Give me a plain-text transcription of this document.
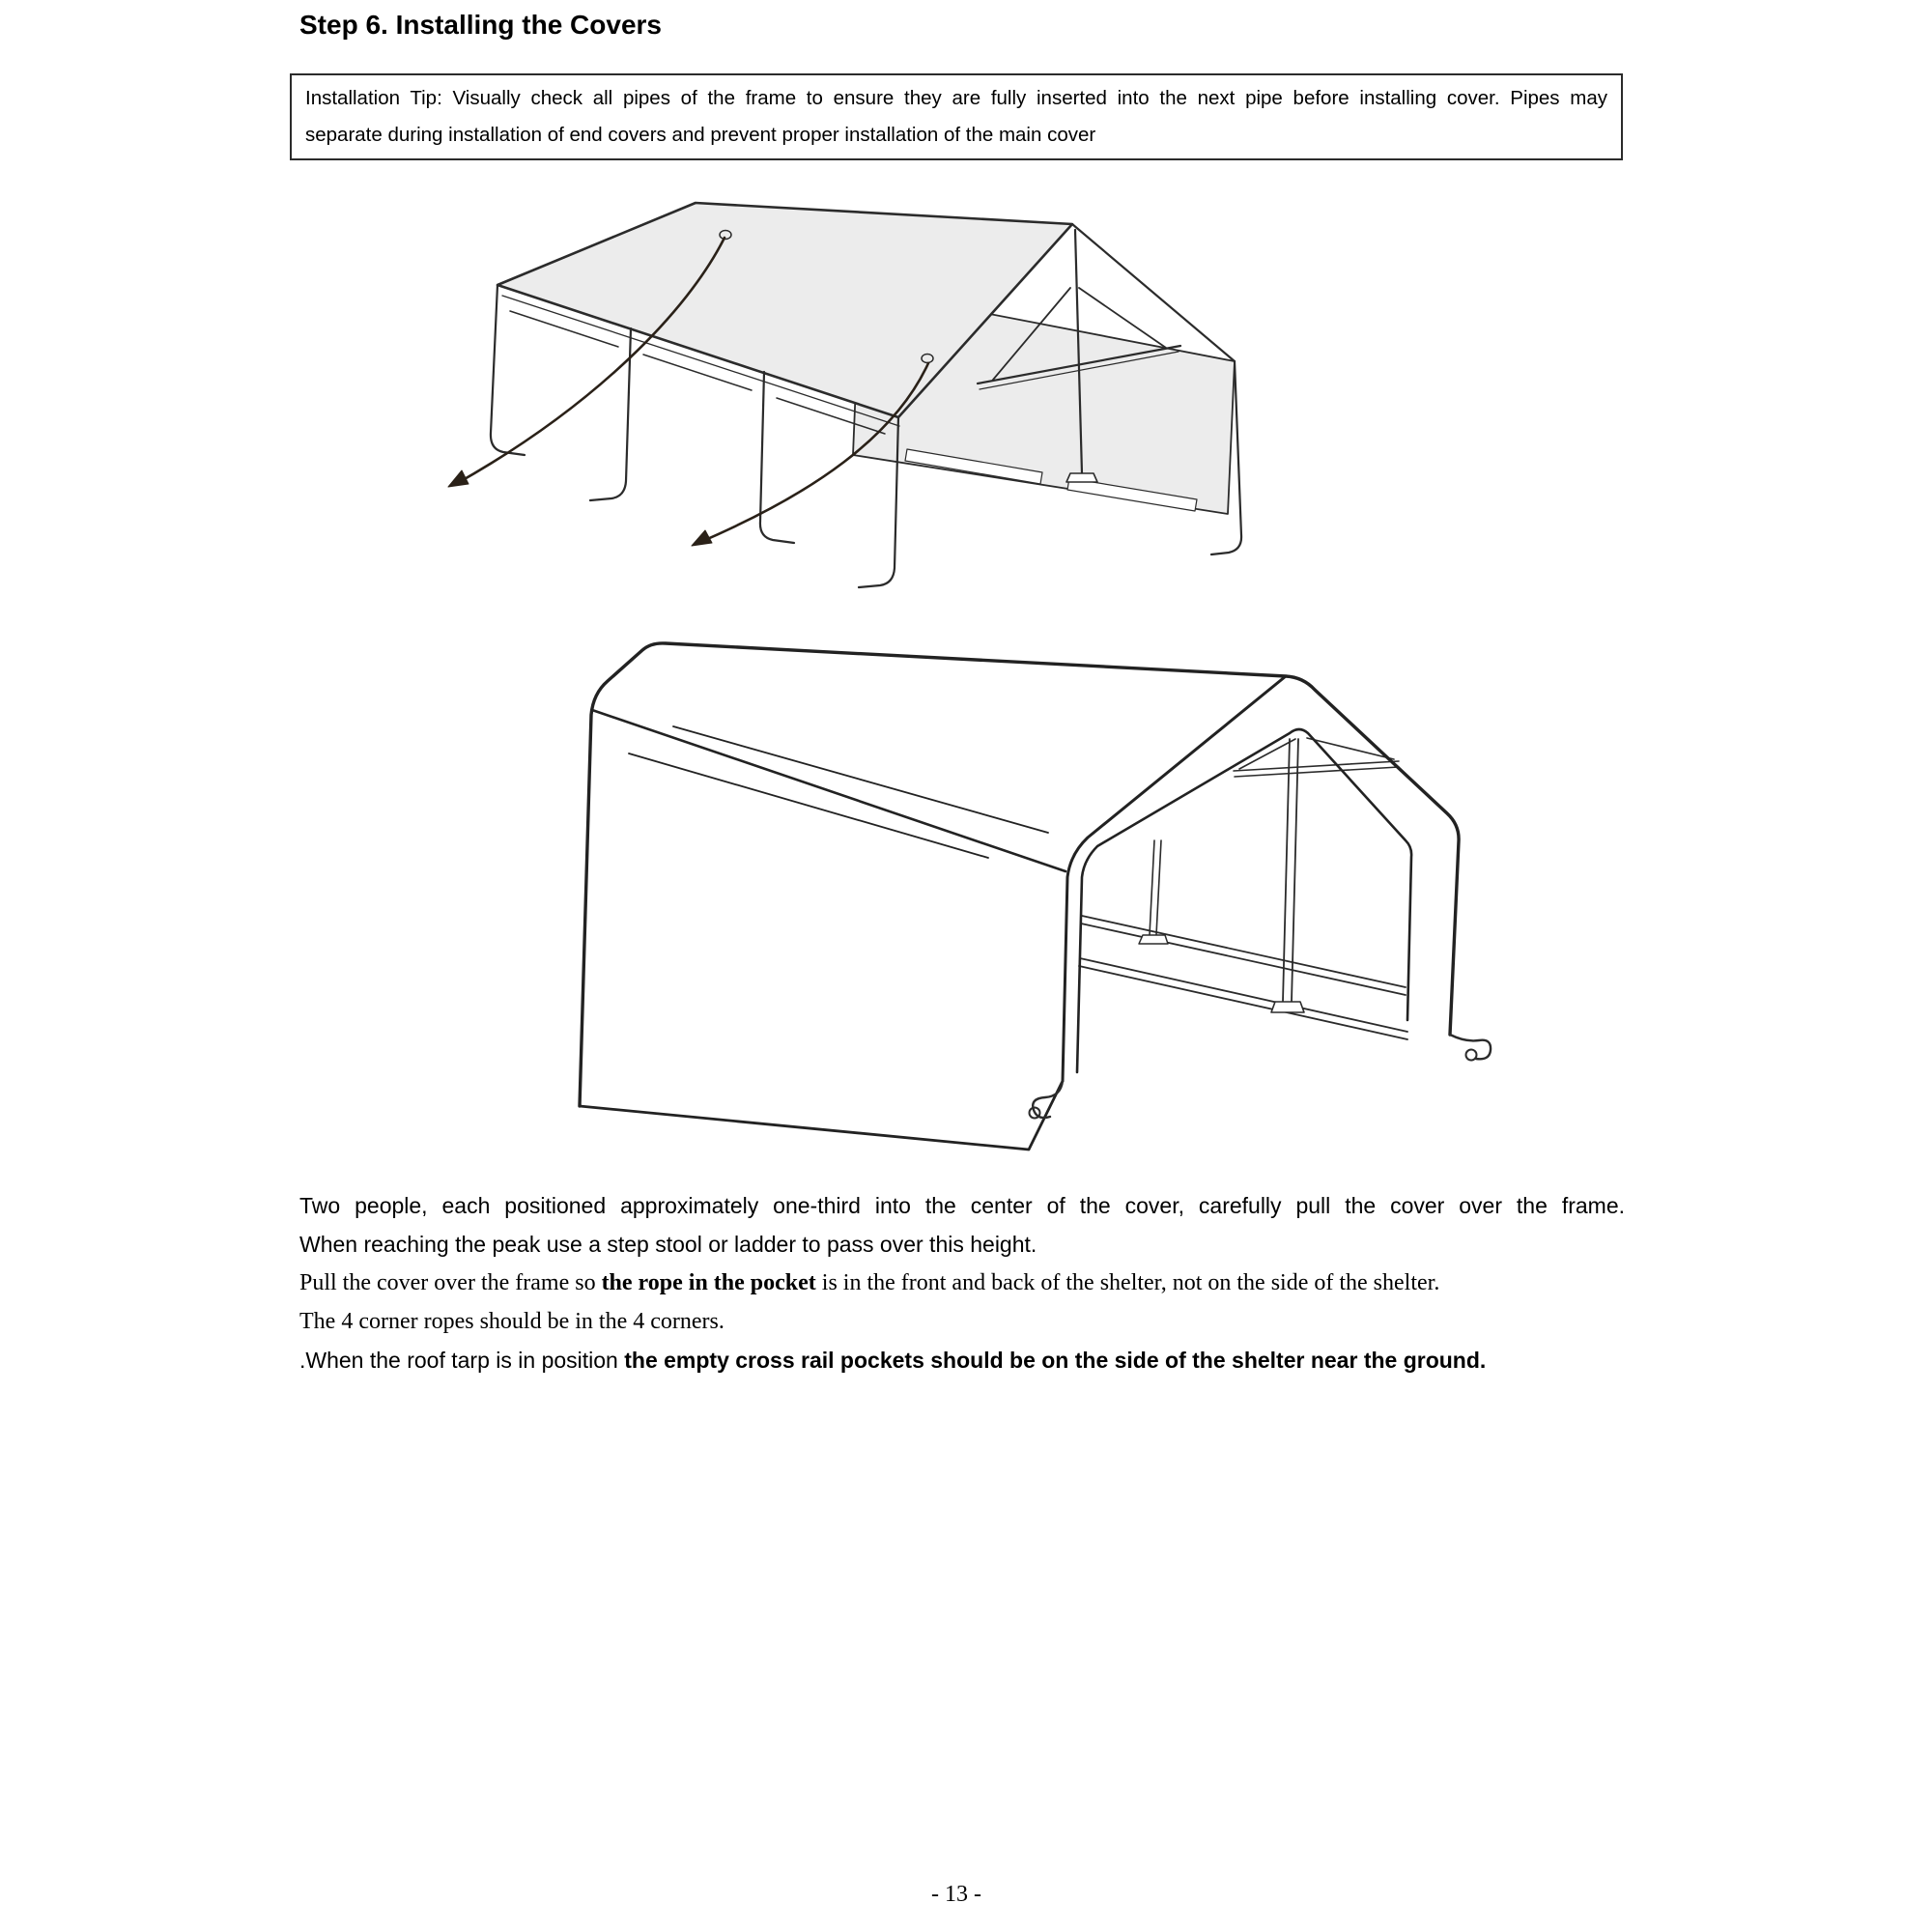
Step 6. Installing the Covers
Installation Tip: Visually check all pipes of the frame to ensure they are fully inserted into the next pipe before installing cover. Pipes may
separate during installation of end covers and prevent proper installation of the main cover
Two people, each positioned approximately one-third into the center of the cover, carefully pull the cover over the frame.
When reaching the peak use a step stool or ladder to pass over this height.
Pull the cover over the frame so the rope in the pocket is in the front and back of the shelter, not on the side of the shelter.
The 4 corner ropes should be in the 4 corners.
.When the roof tarp is in position the empty cross rail pockets should be on the side of the shelter near the ground.
- 13 -
